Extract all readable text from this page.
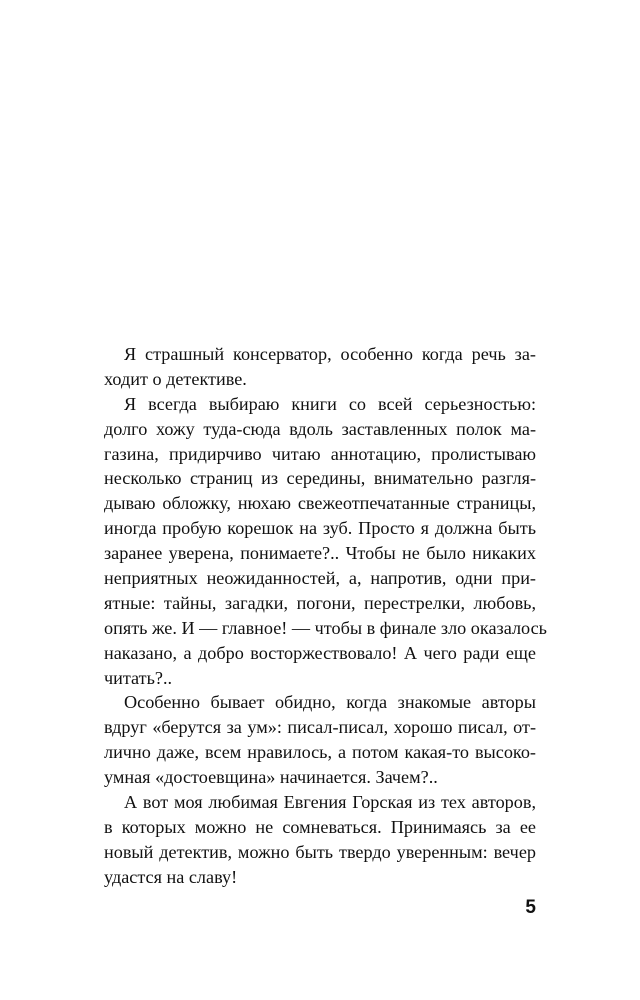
Я страшный консерватор, особенно когда речь за-
ходит о детективе.
Я всегда выбираю книги со всей серьезностью:
долго хожу туда-сюда вдоль заставленных полок ма-
газина, придирчиво читаю аннотацию, пролистываю
несколько страниц из середины, внимательно разгля-
дываю обложку, нюхаю свежеотпечатанные страницы,
иногда пробую корешок на зуб. Просто я должна быть
заранее уверена, понимаете?.. Чтобы не было никаких
неприятных неожиданностей, а, напротив, одни при-
ятные: тайны, загадки, погони, перестрелки, любовь,
опять же. И — главное! — чтобы в финале зло оказалось
наказано, а добро восторжествовало! А чего ради еще
читать?..
Особенно бывает обидно, когда знакомые авторы
вдруг «берутся за ум»: писал-писал, хорошо писал, от-
лично даже, всем нравилось, а потом какая-то высоко-
умная «достоевщина» начинается. Зачем?..
А вот моя любимая Евгения Горская из тех авторов,
в которых можно не сомневаться. Принимаясь за ее
новый детектив, можно быть твердо уверенным: вечер
удастся на славу!
5
